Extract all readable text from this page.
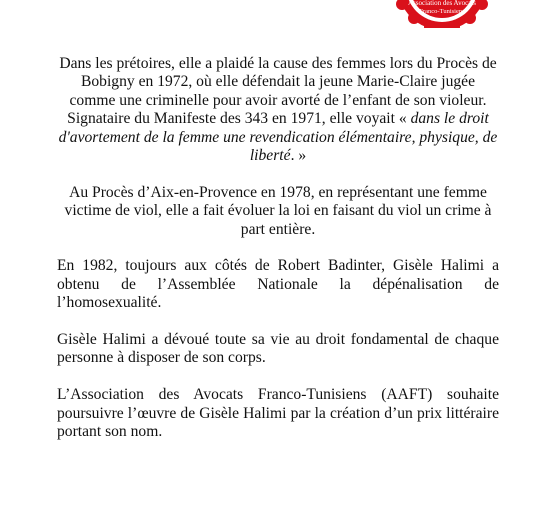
Association des Avocats
Franco-Tunisiens

Dans les prétoires, elle a plaidé la cause des femmes lors du Procès de Bobigny en 1972, où elle défendait la jeune Marie-Claire jugée comme une criminelle pour avoir avorté de l’enfant de son violeur. Signataire du Manifeste des 343 en 1971, elle voyait « dans le droit d'avortement de la femme une revendication élémentaire, physique, de liberté. »

Au Procès d’Aix-en-Provence en 1978, en représentant une femme victime de viol, elle a fait évoluer la loi en faisant du viol un crime à part entière.

En 1982, toujours aux côtés de Robert Badinter, Gisèle Halimi a obtenu de l’Assemblée Nationale la dépénalisation de l’homosexualité.

Gisèle Halimi a dévoué toute sa vie au droit fondamental de chaque personne à disposer de son corps.

L’Association des Avocats Franco-Tunisiens (AAFT) souhaite poursuivre l’œuvre de Gisèle Halimi par la création d’un prix littéraire portant son nom.
